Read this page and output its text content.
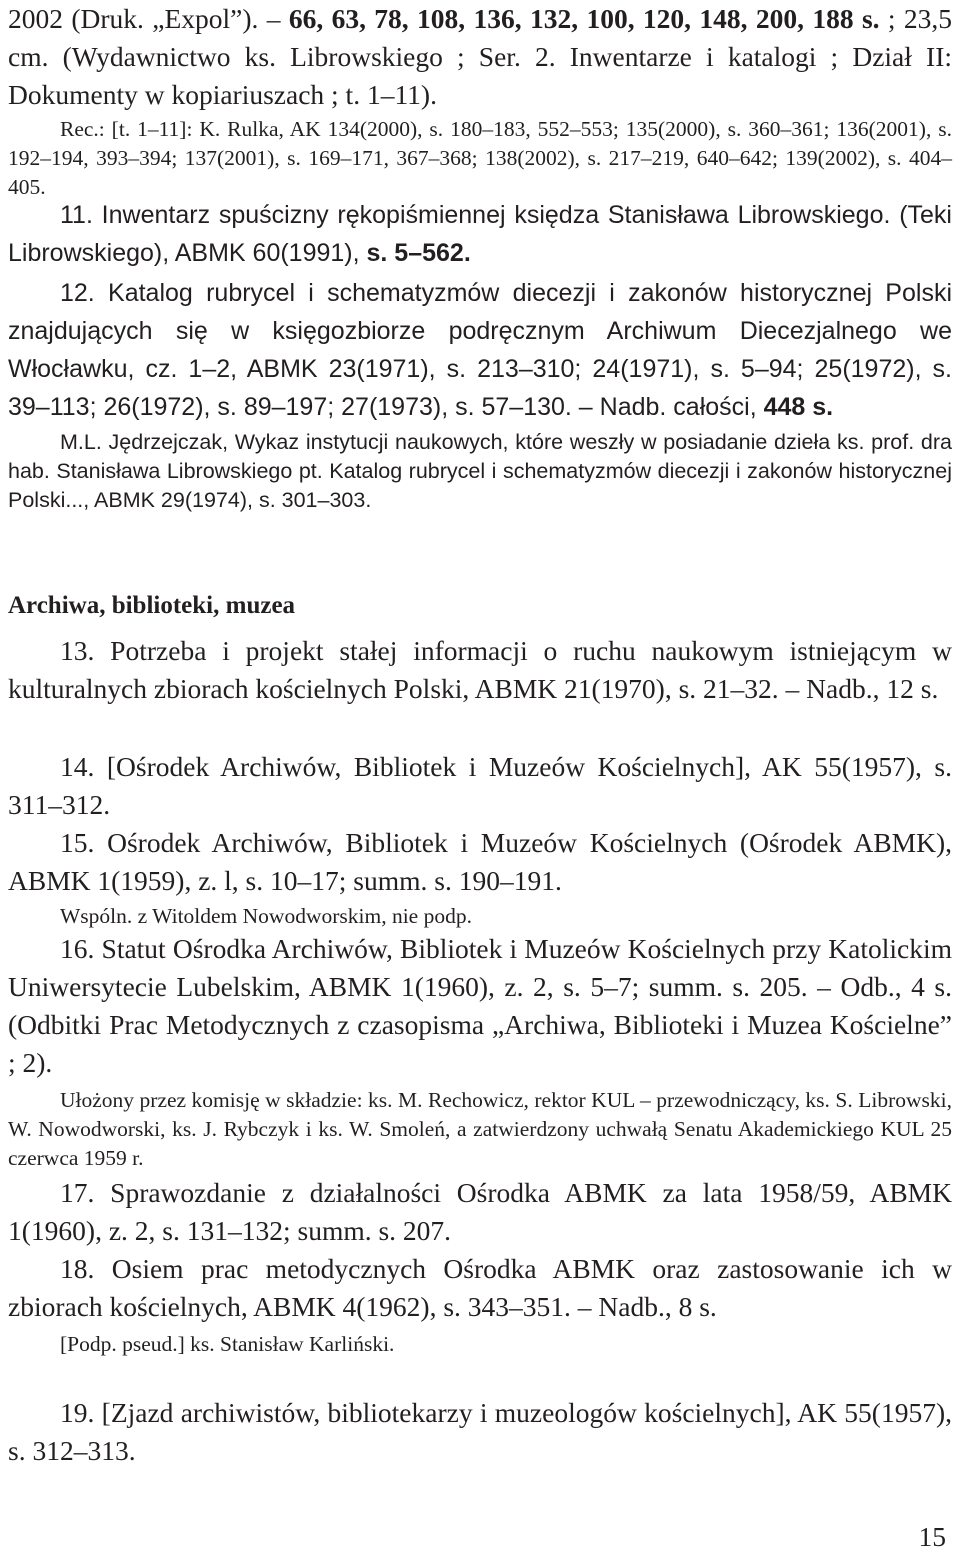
2002 (Druk. „Expol”). – 66, 63, 78, 108, 136, 132, 100, 120, 148, 200, 188 s. ; 23,5 cm. (Wydawnictwo ks. Librowskiego ; Ser. 2. Inwentarze i katalogi ; Dział II: Dokumenty w kopiariuszach ; t. 1–11).

Rec.: [t. 1–11]: K. Rulka, AK 134(2000), s. 180–183, 552–553; 135(2000), s. 360–361; 136(2001), s. 192–194, 393–394; 137(2001), s. 169–171, 367–368; 138(2002), s. 217–219, 640–642; 139(2002), s. 404–405.

11. Inwentarz spuścizny rękopiśmiennej księdza Stanisława Librowskiego. (Teki Librowskiego), ABMK 60(1991), s. 5–562.

12. Katalog rubrycel i schematyzmów diecezji i zakonów historycznej Polski znajdujących się w księgozbiorze podręcznym Archiwum Diecezjalnego we Włocławku, cz. 1–2, ABMK 23(1971), s. 213–310; 24(1971), s. 5–94; 25(1972), s. 39–113; 26(1972), s. 89–197; 27(1973), s. 57–130. – Nadb. całości, 448 s.

M.L. Jędrzejczak, Wykaz instytucji naukowych, które weszły w posiadanie dzieła ks. prof. dra hab. Stanisława Librowskiego pt. Katalog rubrycel i schematyzmów diecezji i zakonów historycznej Polski..., ABMK 29(1974), s. 301–303.

Archiwa, biblioteki, muzea

13. Potrzeba i projekt stałej informacji o ruchu naukowym istniejącym w kulturalnych zbiorach kościelnych Polski, ABMK 21(1970), s. 21–32. – Nadb., 12 s.

14. [Ośrodek Archiwów, Bibliotek i Muzeów Kościelnych], AK 55(1957), s. 311–312.

15. Ośrodek Archiwów, Bibliotek i Muzeów Kościelnych (Ośrodek ABMK), ABMK 1(1959), z. l, s. 10–17; summ. s. 190–191.

Wspóln. z Witoldem Nowodworskim, nie podp.

16. Statut Ośrodka Archiwów, Bibliotek i Muzeów Kościelnych przy Katolickim Uniwersytecie Lubelskim, ABMK 1(1960), z. 2, s. 5–7; summ. s. 205. – Odb., 4 s. (Odbitki Prac Metodycznych z czasopisma „Archiwa, Biblioteki i Muzea Kościelne” ; 2).

Ułożony przez komisję w składzie: ks. M. Rechowicz, rektor KUL – przewodniczący, ks. S. Librowski, W. Nowodworski, ks. J. Rybczyk i ks. W. Smoleń, a zatwierdzony uchwałą Senatu Akademickiego KUL 25 czerwca 1959 r.

17. Sprawozdanie z działalności Ośrodka ABMK za lata 1958/59, ABMK 1(1960), z. 2, s. 131–132; summ. s. 207.

18. Osiem prac metodycznych Ośrodka ABMK oraz zastosowanie ich w zbiorach kościelnych, ABMK 4(1962), s. 343–351. – Nadb., 8 s.

[Podp. pseud.] ks. Stanisław Karliński.

19. [Zjazd archiwistów, bibliotekarzy i muzeologów kościelnych], AK 55(1957), s. 312–313.

15
